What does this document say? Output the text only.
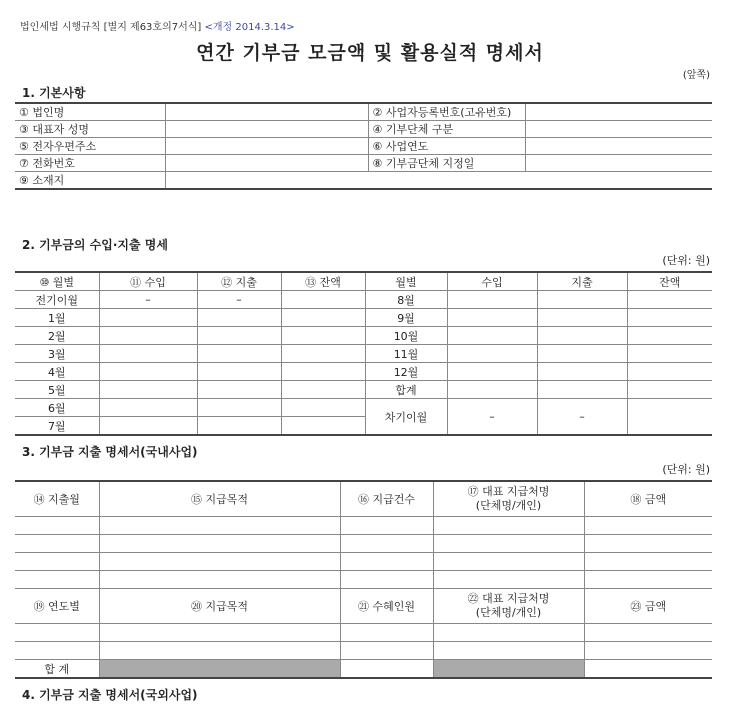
법인세법 시행규칙 [별지 제63호의7서식] <개정 2014.3.14>
연간 기부금 모금액 및 활용실적 명세서
(앞쪽)
1. 기본사항
① 법인명		② 사업자등록번호(고유번호)	
③ 대표자 성명		④ 기부단체 구분	
⑤ 전자우편주소		⑥ 사업연도	
⑦ 전화번호		⑧ 기부금단체 지정일	
⑨ 소재지			
2. 기부금의 수입·지출 명세
(단위: 원)
⑩ 월별	⑪ 수입	⑫ 지출	⑬ 잔액	월별	수입	지출	잔액
전기이월	–	–		8월			
1월				9월			
2월				10월			
3월				11월			
4월				12월			
5월				합계			
6월				차기이월	–	–	
7월							
3. 기부금 지출 명세서(국내사업)
(단위: 원)
⑭ 지출월	⑮ 지급목적	⑯ 지급건수	⑰ 대표 지급처명
(단체명/개인)	⑱ 금액

⑲ 연도별	⑳ 지급목적	㉑ 수혜인원	㉒ 대표 지급처명
(단체명/개인)	㉓ 금액

합 계				
4. 기부금 지출 명세서(국외사업)
